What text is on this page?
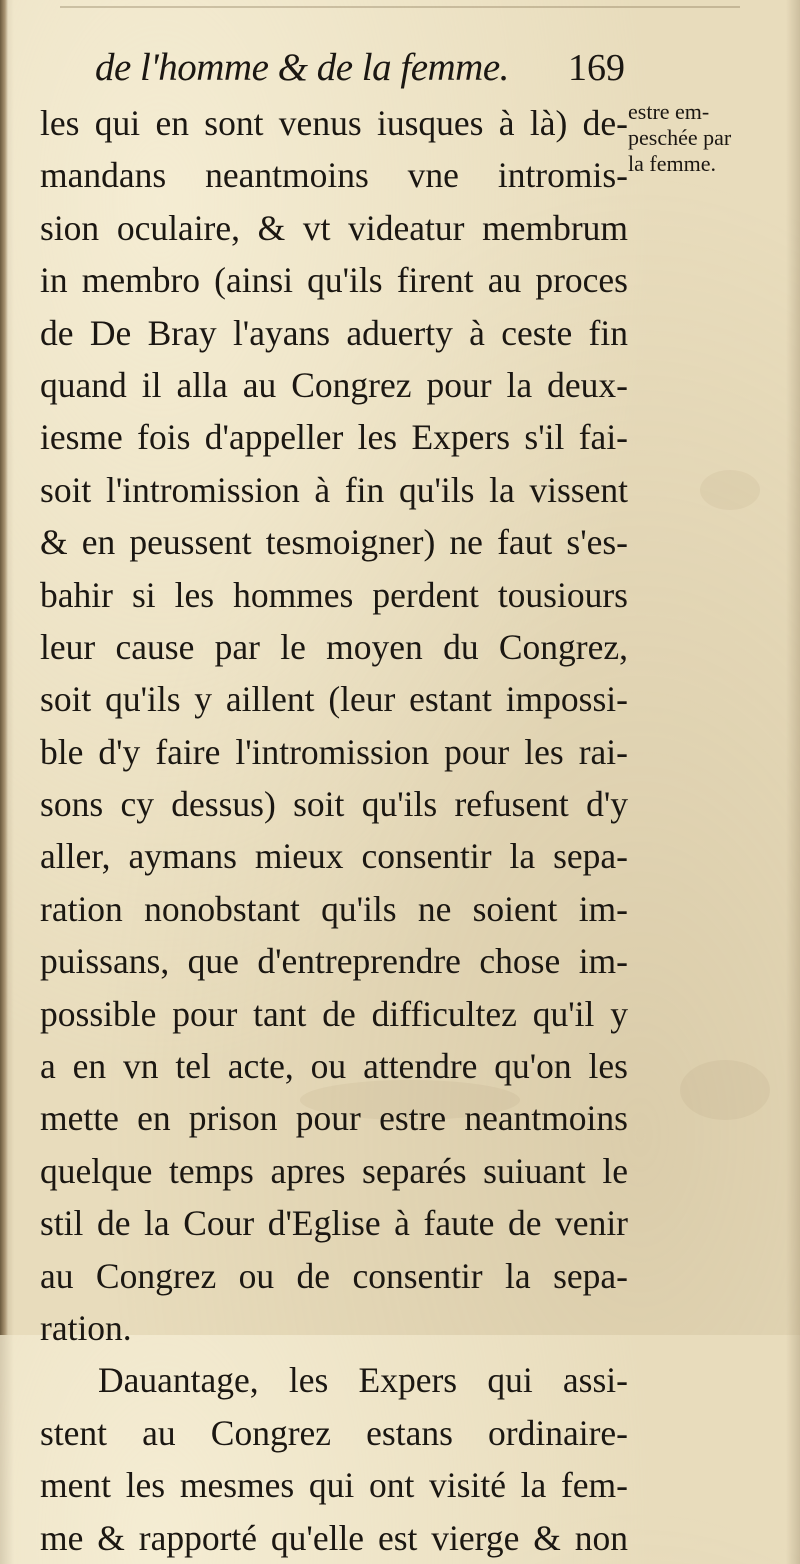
de l'homme & de la femme. 169
les qui en sont venus iusques à là) de-
mandans neantmoins vne intromis-
sion oculaire, & vt videatur membrum
in membro (ainsi qu'ils firent au proces
de De Bray l'ayans aduerty à ceste fin
quand il alla au Congrez pour la deux-
iesme fois d'appeller les Expers s'il fai-
soit l'intromission à fin qu'ils la vissent
& en peussent tesmoigner) ne faut s'es-
bahir si les hommes perdent tousiours
leur cause par le moyen du Congrez,
soit qu'ils y aillent (leur estant impossi-
ble d'y faire l'intromission pour les rai-
sons cy dessus) soit qu'ils refusent d'y
aller, aymans mieux consentir la sepa-
ration nonobstant qu'ils ne soient im-
puissans, que d'entreprendre chose im-
possible pour tant de difficultez qu'il y
a en vn tel acte, ou attendre qu'on les
mette en prison pour estre neantmoins
quelque temps apres separés suiuant le
stil de la Cour d'Eglise à faute de venir
au Congrez ou de consentir la sepa-
ration.
Dauantage, les Expers qui assi-
stent au Congrez estans ordinaire-
ment les mesmes qui ont visité la fem-
me & rapporté qu'elle est vierge & non
estre em-
peschée par
la femme.
